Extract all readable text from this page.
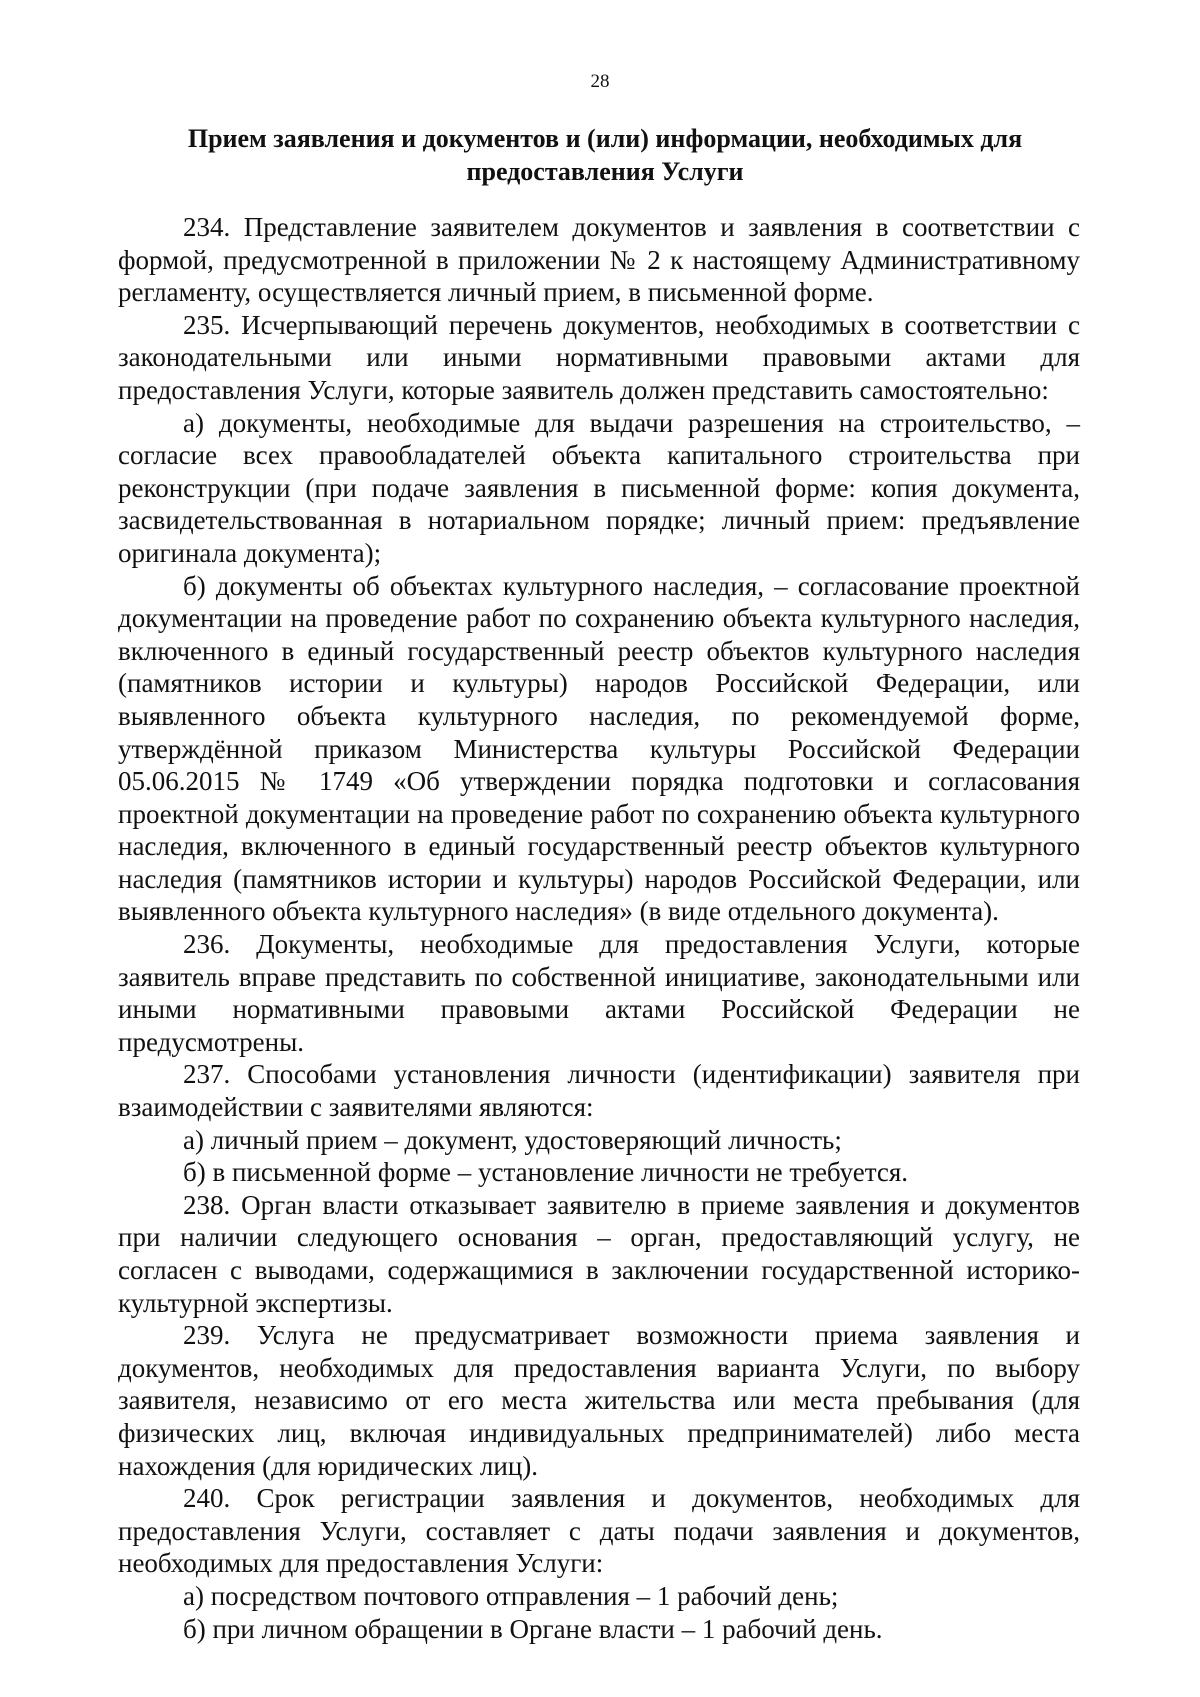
28
Прием заявления и документов и (или) информации, необходимых для
предоставления Услуги

234. Представление заявителем документов и заявления в соответствии с формой, предусмотренной в приложении № 2 к настоящему Административному регламенту, осуществляется личный прием, в письменной форме.

235. Исчерпывающий перечень документов, необходимых в соответствии с законодательными или иными нормативными правовыми актами для предоставления Услуги, которые заявитель должен представить самостоятельно:

а) документы, необходимые для выдачи разрешения на строительство, – согласие всех правообладателей объекта капитального строительства при реконструкции (при подаче заявления в письменной форме: копия документа, засвидетельствованная в нотариальном порядке; личный прием: предъявление оригинала документа);

б) документы об объектах культурного наследия, – согласование проектной документации на проведение работ по сохранению объекта культурного наследия, включенного в единый государственный реестр объектов культурного наследия (памятников истории и культуры) народов Российской Федерации, или выявленного объекта культурного наследия, по рекомендуемой форме, утверждённой приказом Министерства культуры Российской Федерации 05.06.2015 № 1749 «Об утверждении порядка подготовки и согласования проектной документации на проведение работ по сохранению объекта культурного наследия, включенного в единый государственный реестр объектов культурного наследия (памятников истории и культуры) народов Российской Федерации, или выявленного объекта культурного наследия» (в виде отдельного документа).

236. Документы, необходимые для предоставления Услуги, которые заявитель вправе представить по собственной инициативе, законодательными или иными нормативными правовыми актами Российской Федерации не предусмотрены.

237. Способами установления личности (идентификации) заявителя при взаимодействии с заявителями являются:

а) личный прием – документ, удостоверяющий личность;

б) в письменной форме – установление личности не требуется.

238. Орган власти отказывает заявителю в приеме заявления и документов при наличии следующего основания – орган, предоставляющий услугу, не согласен с выводами, содержащимися в заключении государственной историко-культурной экспертизы.

239. Услуга не предусматривает возможности приема заявления и документов, необходимых для предоставления варианта Услуги, по выбору заявителя, независимо от его места жительства или места пребывания (для физических лиц, включая индивидуальных предпринимателей) либо места нахождения (для юридических лиц).

240. Срок регистрации заявления и документов, необходимых для предоставления Услуги, составляет с даты подачи заявления и документов, необходимых для предоставления Услуги:

а) посредством почтового отправления – 1 рабочий день;

б) при личном обращении в Органе власти – 1 рабочий день.
